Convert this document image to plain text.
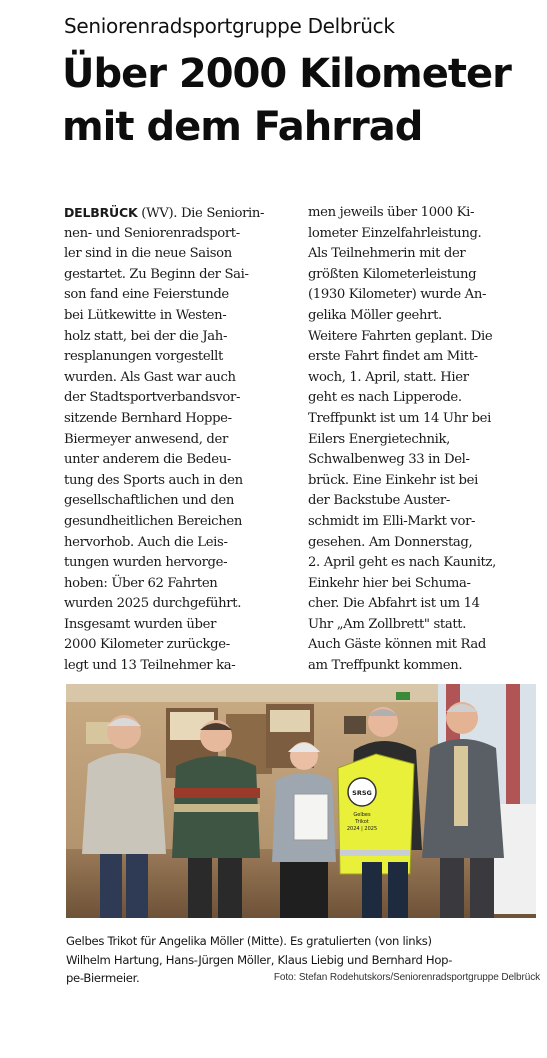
Seniorenradsportgruppe Delbrück
Über 2000 Kilometer
mit dem Fahrrad
DELBRÜCK (WV). Die Seniorin-
nen- und Seniorenradsport-
ler sind in die neue Saison
gestartet. Zu Beginn der Sai-
son fand eine Feierstunde
bei Lütkewitte in Westen-
holz statt, bei der die Jah-
resplanungen vorgestellt
wurden. Als Gast war auch
der Stadtsportverbandsvor-
sitzende Bernhard Hoppe-
Biermeyer anwesend, der
unter anderem die Bedeu-
tung des Sports auch in den
gesellschaftlichen und den
gesundheitlichen Bereichen
hervorhob. Auch die Leis-
tungen wurden hervorge-
hoben: Über 62 Fahrten
wurden 2025 durchgeführt.
Insgesamt wurden über
2000 Kilometer zurückge-
legt und 13 Teilnehmer ka-
men jeweils über 1000 Ki-
lometer Einzelfahrleistung.
Als Teilnehmerin mit der
größten Kilometerleistung
(1930 Kilometer) wurde An-
gelika Möller geehrt.
Weitere Fahrten geplant. Die
erste Fahrt findet am Mitt-
woch, 1. April, statt. Hier
geht es nach Lipperode.
Treffpunkt ist um 14 Uhr bei
Eilers Energietechnik,
Schwalbenweg 33 in Del-
brück. Eine Einkehr ist bei
der Backstube Auster-
schmidt im Elli-Markt vor-
gesehen. Am Donnerstag,
2. April geht es nach Kaunitz,
Einkehr hier bei Schuma-
cher. Die Abfahrt ist um 14
Uhr „Am Zollbrett" statt.
Auch Gäste können mit Rad
am Treffpunkt kommen.
SRSG
Gelbes
Trikot
2024 | 2025
Gelbes Trikot für Angelika Möller (Mitte). Es gratulierten (von links)
Wilhelm Hartung, Hans-Jürgen Möller, Klaus Liebig und Bernhard Hop-
pe-Biermeier.	Foto: Stefan Rodehutskors/Seniorenradsportgruppe Delbrück
